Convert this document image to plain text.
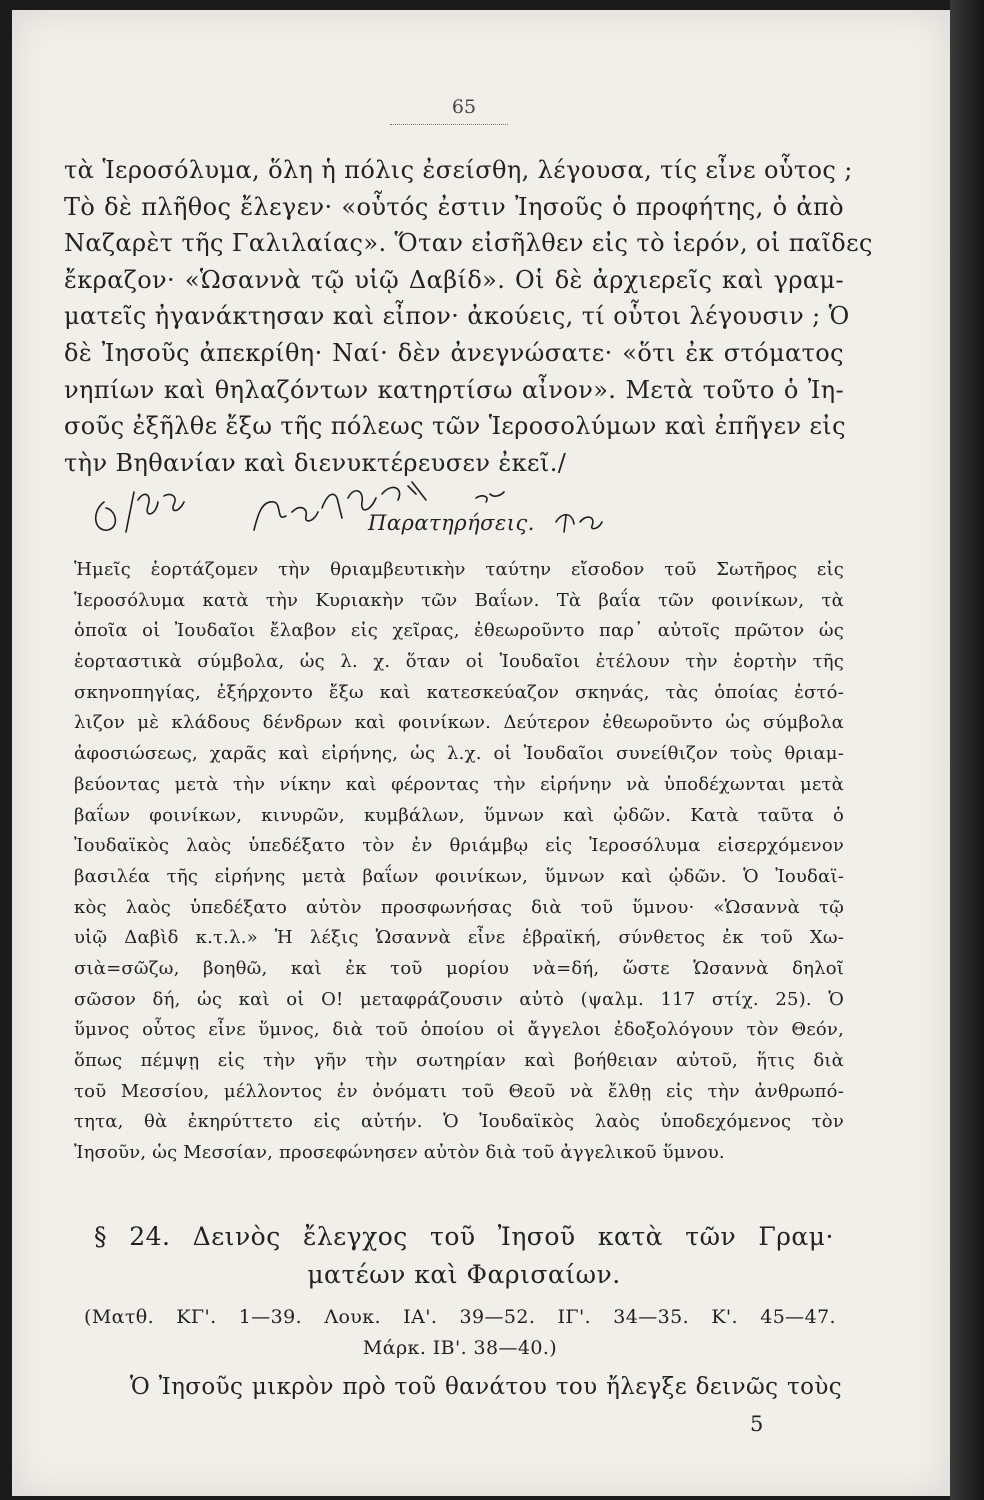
65
τὰ Ἱεροσόλυμα, ὅλη ἡ πόλις ἐσείσθη, λέγουσα, τίς εἶνε οὗτος ;
Τὸ δὲ πλῆθος ἔλεγεν· «οὗτός ἐστιν Ἰησοῦς ὁ προφήτης, ὁ ἀπὸ
Ναζαρὲτ τῆς Γαλιλαίας». Ὅταν εἰσῆλθεν εἰς τὸ ἱερόν, οἱ παῖδες
ἔκραζον· «Ὡσαννὰ τῷ υἱῷ Δαβίδ». Οἱ δὲ ἀρχιερεῖς καὶ γραμ-
ματεῖς ἠγανάκτησαν καὶ εἶπον· ἀκούεις, τί οὗτοι λέγουσιν ; Ὁ
δὲ Ἰησοῦς ἀπεκρίθη· Ναί· δὲν ἀνεγνώσατε· «ὅτι ἐκ στόματος
νηπίων καὶ θηλαζόντων κατηρτίσω αἶνον». Μετὰ τοῦτο ὁ Ἰη-
σοῦς ἐξῆλθε ἔξω τῆς πόλεως τῶν Ἱεροσολύμων καὶ ἐπῆγεν εἰς
τὴν Βηθανίαν καὶ διενυκτέρευσεν ἐκεῖ./
Παρατηρήσεις.
Ἡμεῖς ἑορτάζομεν τὴν θριαμβευτικὴν ταύτην εἴσοδον τοῦ Σωτῆρος εἰς
Ἱεροσόλυμα κατὰ τὴν Κυριακὴν τῶν Βαΐων. Τὰ βαΐα τῶν φοινίκων, τὰ
ὁποῖα οἱ Ἰουδαῖοι ἔλαβον εἰς χεῖρας, ἐθεωροῦντο παρ᾽ αὐτοῖς πρῶτον ὡς
ἑορταστικὰ σύμβολα, ὡς λ. χ. ὅταν οἱ Ἰουδαῖοι ἐτέλουν τὴν ἑορτὴν τῆς
σκηνοπηγίας, ἐξήρχοντο ἔξω καὶ κατεσκεύαζον σκηνάς, τὰς ὁποίας ἐστό-
λιζον μὲ κλάδους δένδρων καὶ φοινίκων. Δεύτερον ἐθεωροῦντο ὡς σύμβολα
ἀφοσιώσεως, χαρᾶς καὶ εἰρήνης, ὡς λ.χ. οἱ Ἰουδαῖοι συνείθιζον τοὺς θριαμ-
βεύοντας μετὰ τὴν νίκην καὶ φέροντας τὴν εἰρήνην νὰ ὑποδέχωνται μετὰ
βαΐων φοινίκων, κινυρῶν, κυμβάλων, ὕμνων καὶ ᾠδῶν. Κατὰ ταῦτα ὁ
Ἰουδαϊκὸς λαὸς ὑπεδέξατο τὸν ἐν θριάμβῳ εἰς Ἱεροσόλυμα εἰσερχόμενον
βασιλέα τῆς εἰρήνης μετὰ βαΐων φοινίκων, ὕμνων καὶ ᾠδῶν. Ὁ Ἰουδαϊ-
κὸς λαὸς ὑπεδέξατο αὐτὸν προσφωνήσας διὰ τοῦ ὕμνου· «Ὡσαννὰ τῷ
υἱῷ Δαβὶδ κ.τ.λ.» Ἡ λέξις Ὡσαννὰ εἶνε ἑβραϊκή, σύνθετος ἐκ τοῦ Χω-
σιὰ=σῶζω, βοηθῶ, καὶ ἐκ τοῦ μορίου νὰ=δή, ὥστε Ὡσαννὰ δηλοῖ
σῶσον δή, ὡς καὶ οἱ Ο! μεταφράζουσιν αὐτὸ (ψαλμ. 117 στίχ. 25). Ὁ
ὕμνος οὗτος εἶνε ὕμνος, διὰ τοῦ ὁποίου οἱ ἄγγελοι ἐδοξολόγουν τὸν Θεόν,
ὅπως πέμψῃ εἰς τὴν γῆν τὴν σωτηρίαν καὶ βοήθειαν αὐτοῦ, ἥτις διὰ
τοῦ Μεσσίου, μέλλοντος ἐν ὀνόματι τοῦ Θεοῦ νὰ ἔλθῃ εἰς τὴν ἀνθρωπό-
τητα, θὰ ἐκηρύττετο εἰς αὐτήν. Ὁ Ἰουδαϊκὸς λαὸς ὑποδεχόμενος τὸν
Ἰησοῦν, ὡς Μεσσίαν, προσεφώνησεν αὐτὸν διὰ τοῦ ἀγγελικοῦ ὕμνου.
§ 24. Δεινὸς ἔλεγχος τοῦ Ἰησοῦ κατὰ τῶν Γραμ·
ματέων καὶ Φαρισαίων.
(Ματθ. ΚΓ'. 1—39. Λουκ. ΙΑ'. 39—52. ΙΓ'. 34—35. Κ'. 45—47.
Μάρκ. ΙΒ'. 38—40.)
Ὁ Ἰησοῦς μικρὸν πρὸ τοῦ θανάτου του ἤλεγξε δεινῶς τοὺς
5
